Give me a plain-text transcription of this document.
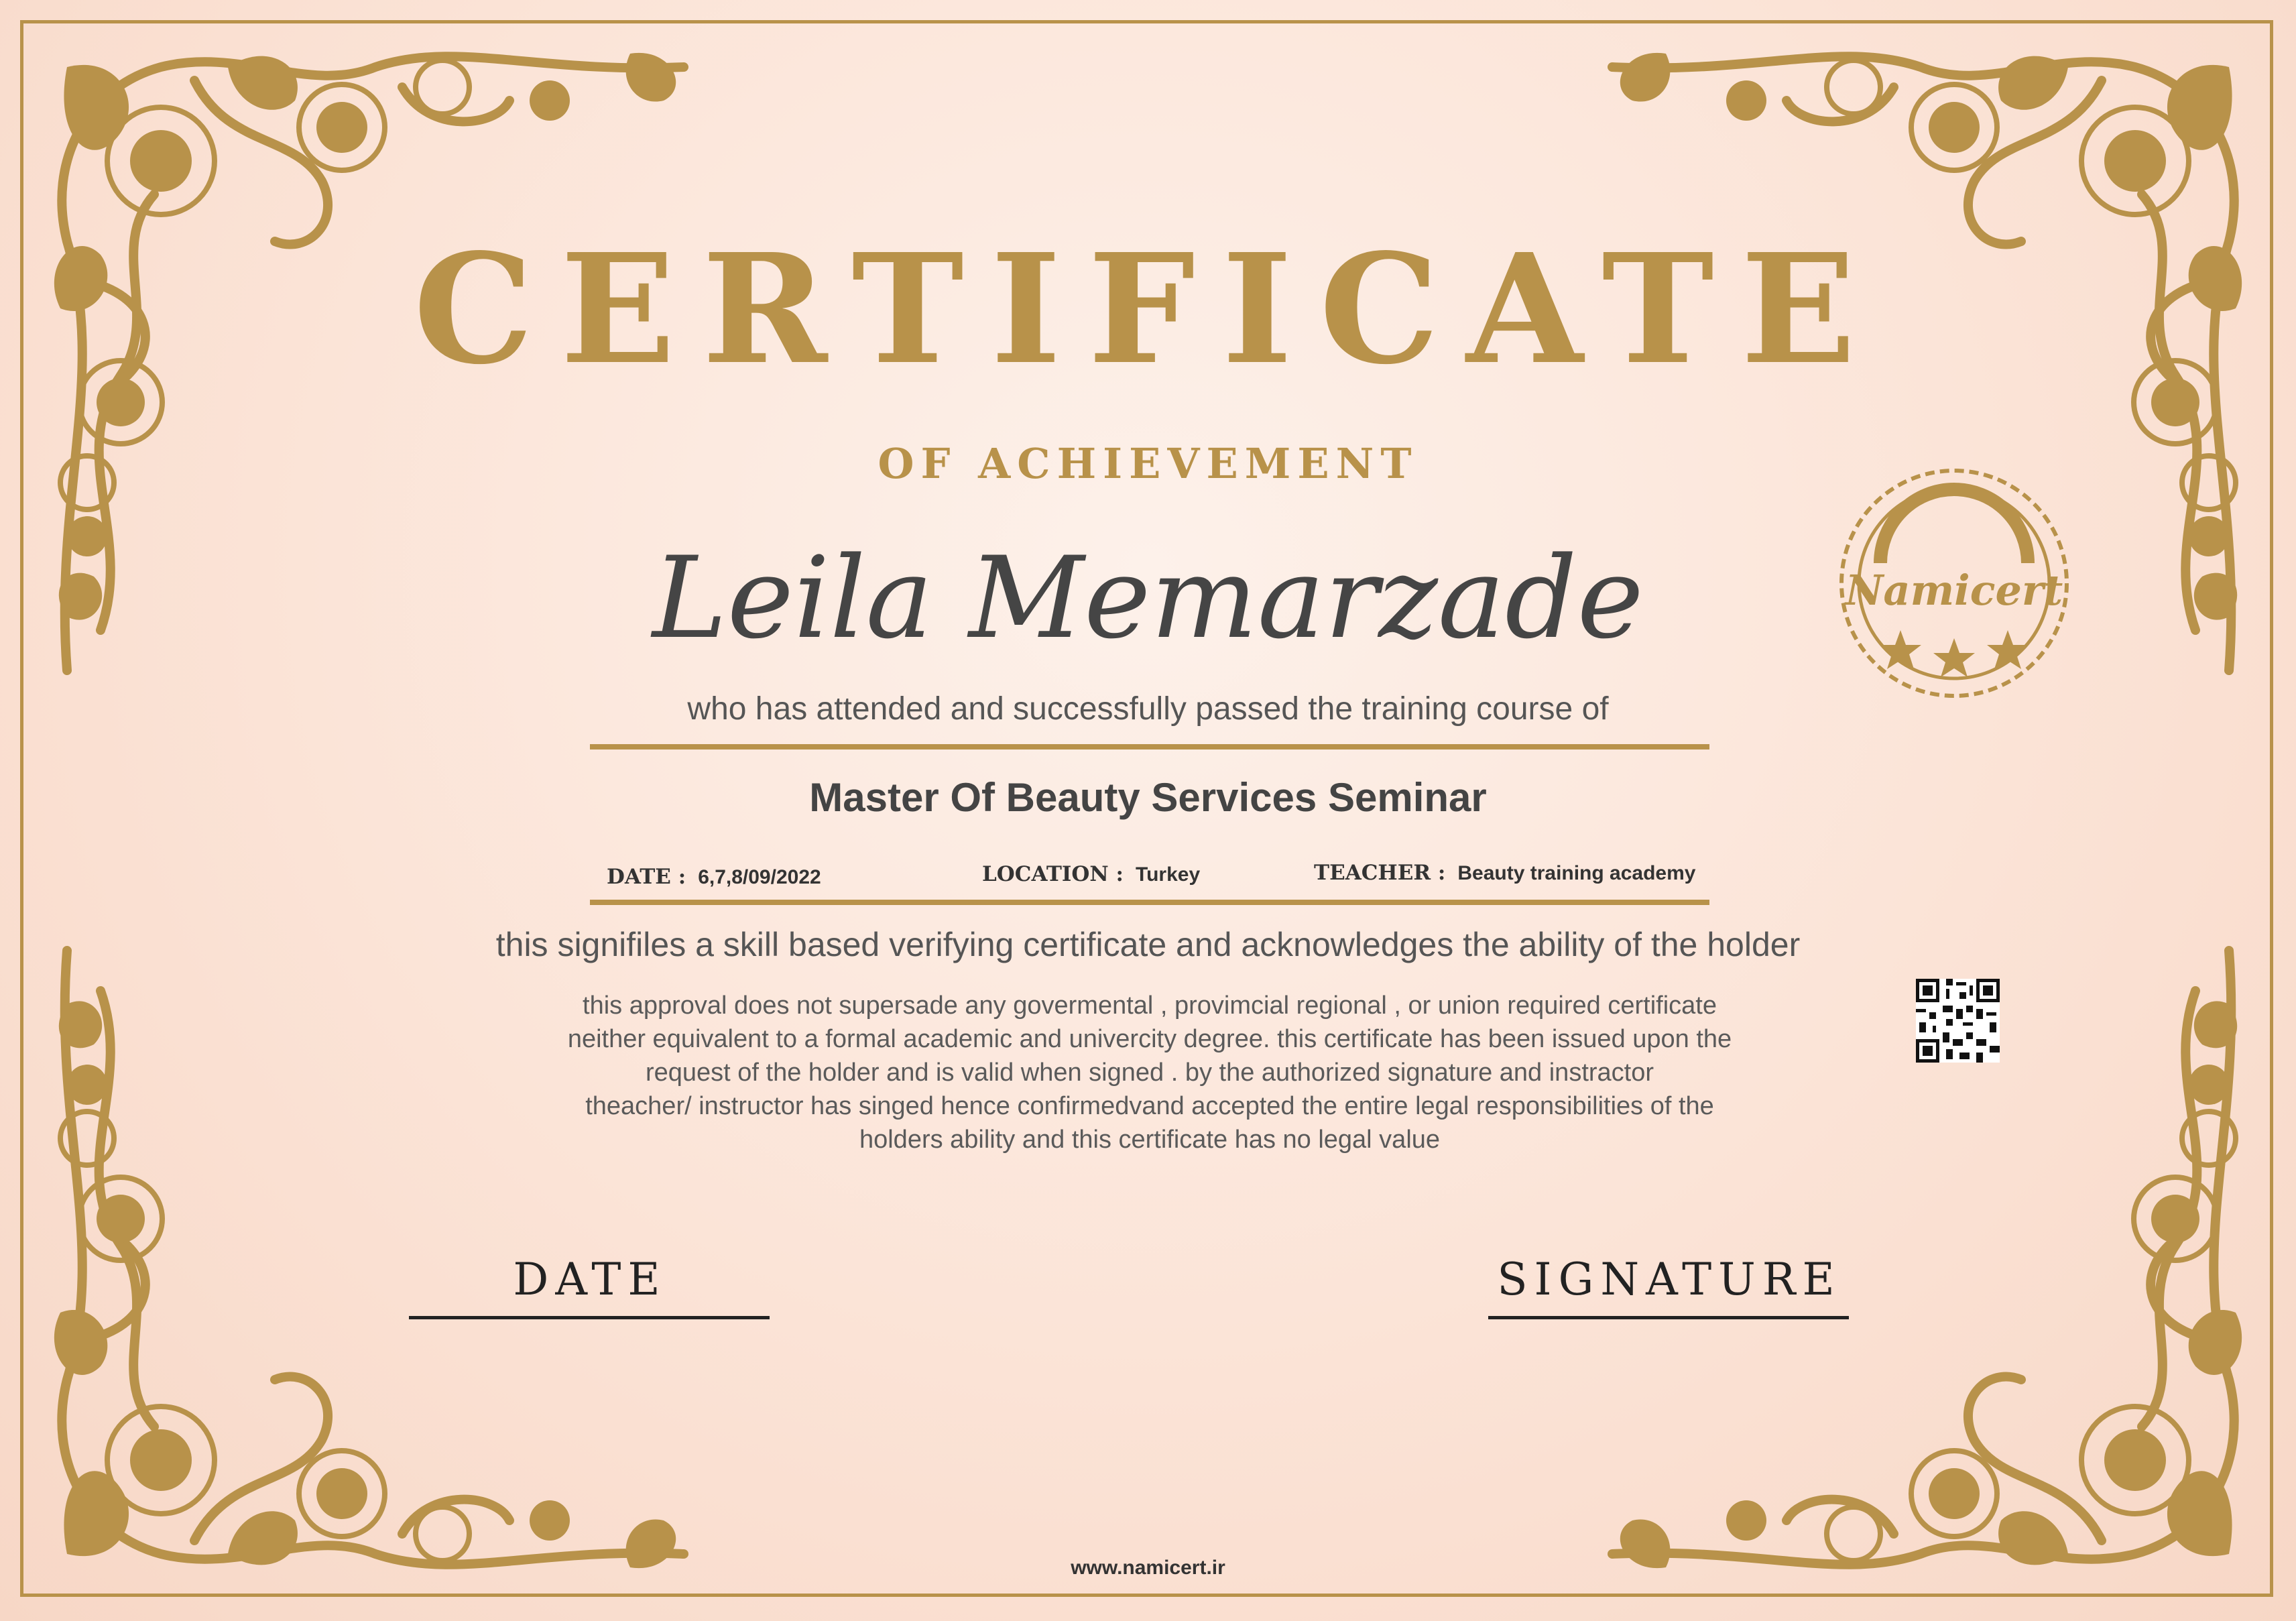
CERTIFICATE
OF ACHIEVEMENT
Leila Memarzade
who has attended and successfully passed the training course of
Master Of Beauty Services Seminar
DATE : 6,7,8/09/2022	LOCATION : Turkey	TEACHER : Beauty training academy
this signifiles a skill based verifying certificate and acknowledges the ability of the holder
this approval does not supersade any govermental , provimcial regional , or union required certificate
neither equivalent to a formal academic and univercity degree. this certificate has been issued upon the
request of the holder and is valid when signed . by the authorized signature and instractor
theacher/ instructor has singed hence confirmedvand accepted the entire legal responsibilities of the
holders ability and this certificate has no legal value
Namicert
DATE	SIGNATURE
www.namicert.ir
